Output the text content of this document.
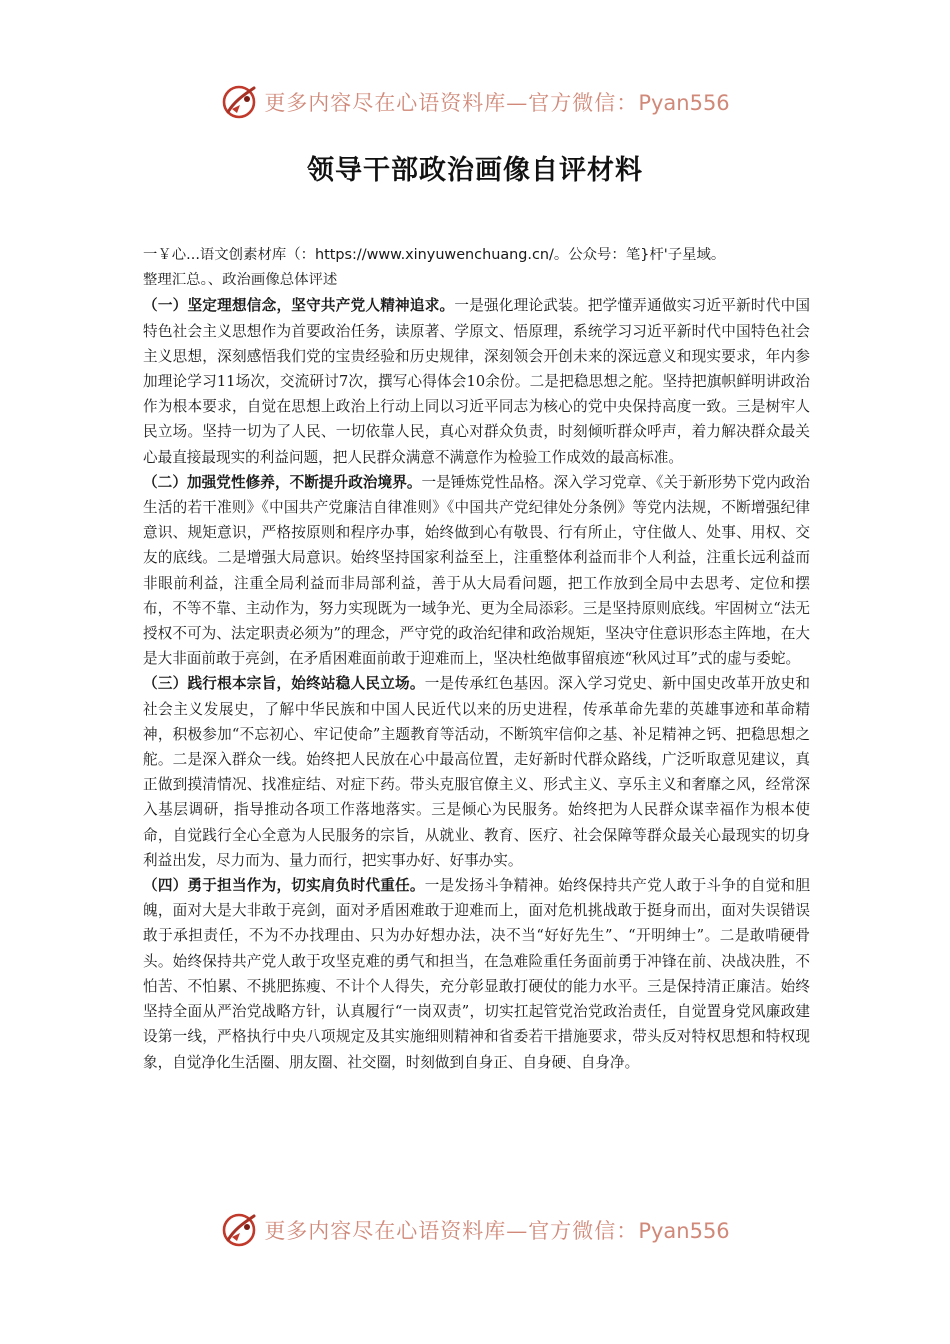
更多内容尽在心语资料库—官方微信：Pyan556
领导干部政治画像自评材料

一￥心...语文创素材库（：https://www.xinyuwenchuang.cn/。公众号：笔}杆'子星域。

整理汇总。、政治画像总体评述

（一）坚定理想信念，坚守共产党人精神追求。一是强化理论武装。把学懂弄通做实习近平新时代中国特色社会主义思想作为首要政治任务，读原著、学原文、悟原理，系统学习习近平新时代中国特色社会主义思想，深刻感悟我们党的宝贵经验和历史规律，深刻领会开创未来的深远意义和现实要求，年内参加理论学习11场次，交流研讨7次，撰写心得体会10余份。二是把稳思想之舵。坚持把旗帜鲜明讲政治作为根本要求，自觉在思想上政治上行动上同以习近平同志为核心的党中央保持高度一致。三是树牢人民立场。坚持一切为了人民、一切依靠人民，真心对群众负责，时刻倾听群众呼声，着力解决群众最关心最直接最现实的利益问题，把人民群众满意不满意作为检验工作成效的最高标准。

（二）加强党性修养，不断提升政治境界。一是锤炼党性品格。深入学习党章、《关于新形势下党内政治生活的若干准则》《中国共产党廉洁自律准则》《中国共产党纪律处分条例》等党内法规，不断增强纪律意识、规矩意识，严格按原则和程序办事，始终做到心有敬畏、行有所止，守住做人、处事、用权、交友的底线。二是增强大局意识。始终坚持国家利益至上，注重整体利益而非个人利益，注重长远利益而非眼前利益，注重全局利益而非局部利益，善于从大局看问题，把工作放到全局中去思考、定位和摆布，不等不靠、主动作为，努力实现既为一域争光、更为全局添彩。三是坚持原则底线。牢固树立“法无授权不可为、法定职责必须为”的理念，严守党的政治纪律和政治规矩，坚决守住意识形态主阵地，在大是大非面前敢于亮剑，在矛盾困难面前敢于迎难而上，坚决杜绝做事留痕迹“秋风过耳”式的虚与委蛇。

（三）践行根本宗旨，始终站稳人民立场。一是传承红色基因。深入学习党史、新中国史改革开放史和社会主义发展史，了解中华民族和中国人民近代以来的历史进程，传承革命先辈的英雄事迹和革命精神，积极参加“不忘初心、牢记使命”主题教育等活动，不断筑牢信仰之基、补足精神之钙、把稳思想之舵。二是深入群众一线。始终把人民放在心中最高位置，走好新时代群众路线，广泛听取意见建议，真正做到摸清情况、找准症结、对症下药。带头克服官僚主义、形式主义、享乐主义和奢靡之风，经常深入基层调研，指导推动各项工作落地落实。三是倾心为民服务。始终把为人民群众谋幸福作为根本使命，自觉践行全心全意为人民服务的宗旨，从就业、教育、医疗、社会保障等群众最关心最现实的切身利益出发，尽力而为、量力而行，把实事办好、好事办实。

（四）勇于担当作为，切实肩负时代重任。一是发扬斗争精神。始终保持共产党人敢于斗争的自觉和胆魄，面对大是大非敢于亮剑，面对矛盾困难敢于迎难而上，面对危机挑战敢于挺身而出，面对失误错误敢于承担责任，不为不办找理由、只为办好想办法，决不当“好好先生”、“开明绅士”。二是敢啃硬骨头。始终保持共产党人敢于攻坚克难的勇气和担当，在急难险重任务面前勇于冲锋在前、决战决胜，不怕苦、不怕累、不挑肥拣瘦、不计个人得失，充分彰显敢打硬仗的能力水平。三是保持清正廉洁。始终坚持全面从严治党战略方针，认真履行“一岗双责”，切实扛起管党治党政治责任，自觉置身党风廉政建设第一线，严格执行中央八项规定及其实施细则精神和省委若干措施要求，带头反对特权思想和特权现象，自觉净化生活圈、朋友圈、社交圈，时刻做到自身正、自身硬、自身净。

更多内容尽在心语资料库—官方微信：Pyan556
